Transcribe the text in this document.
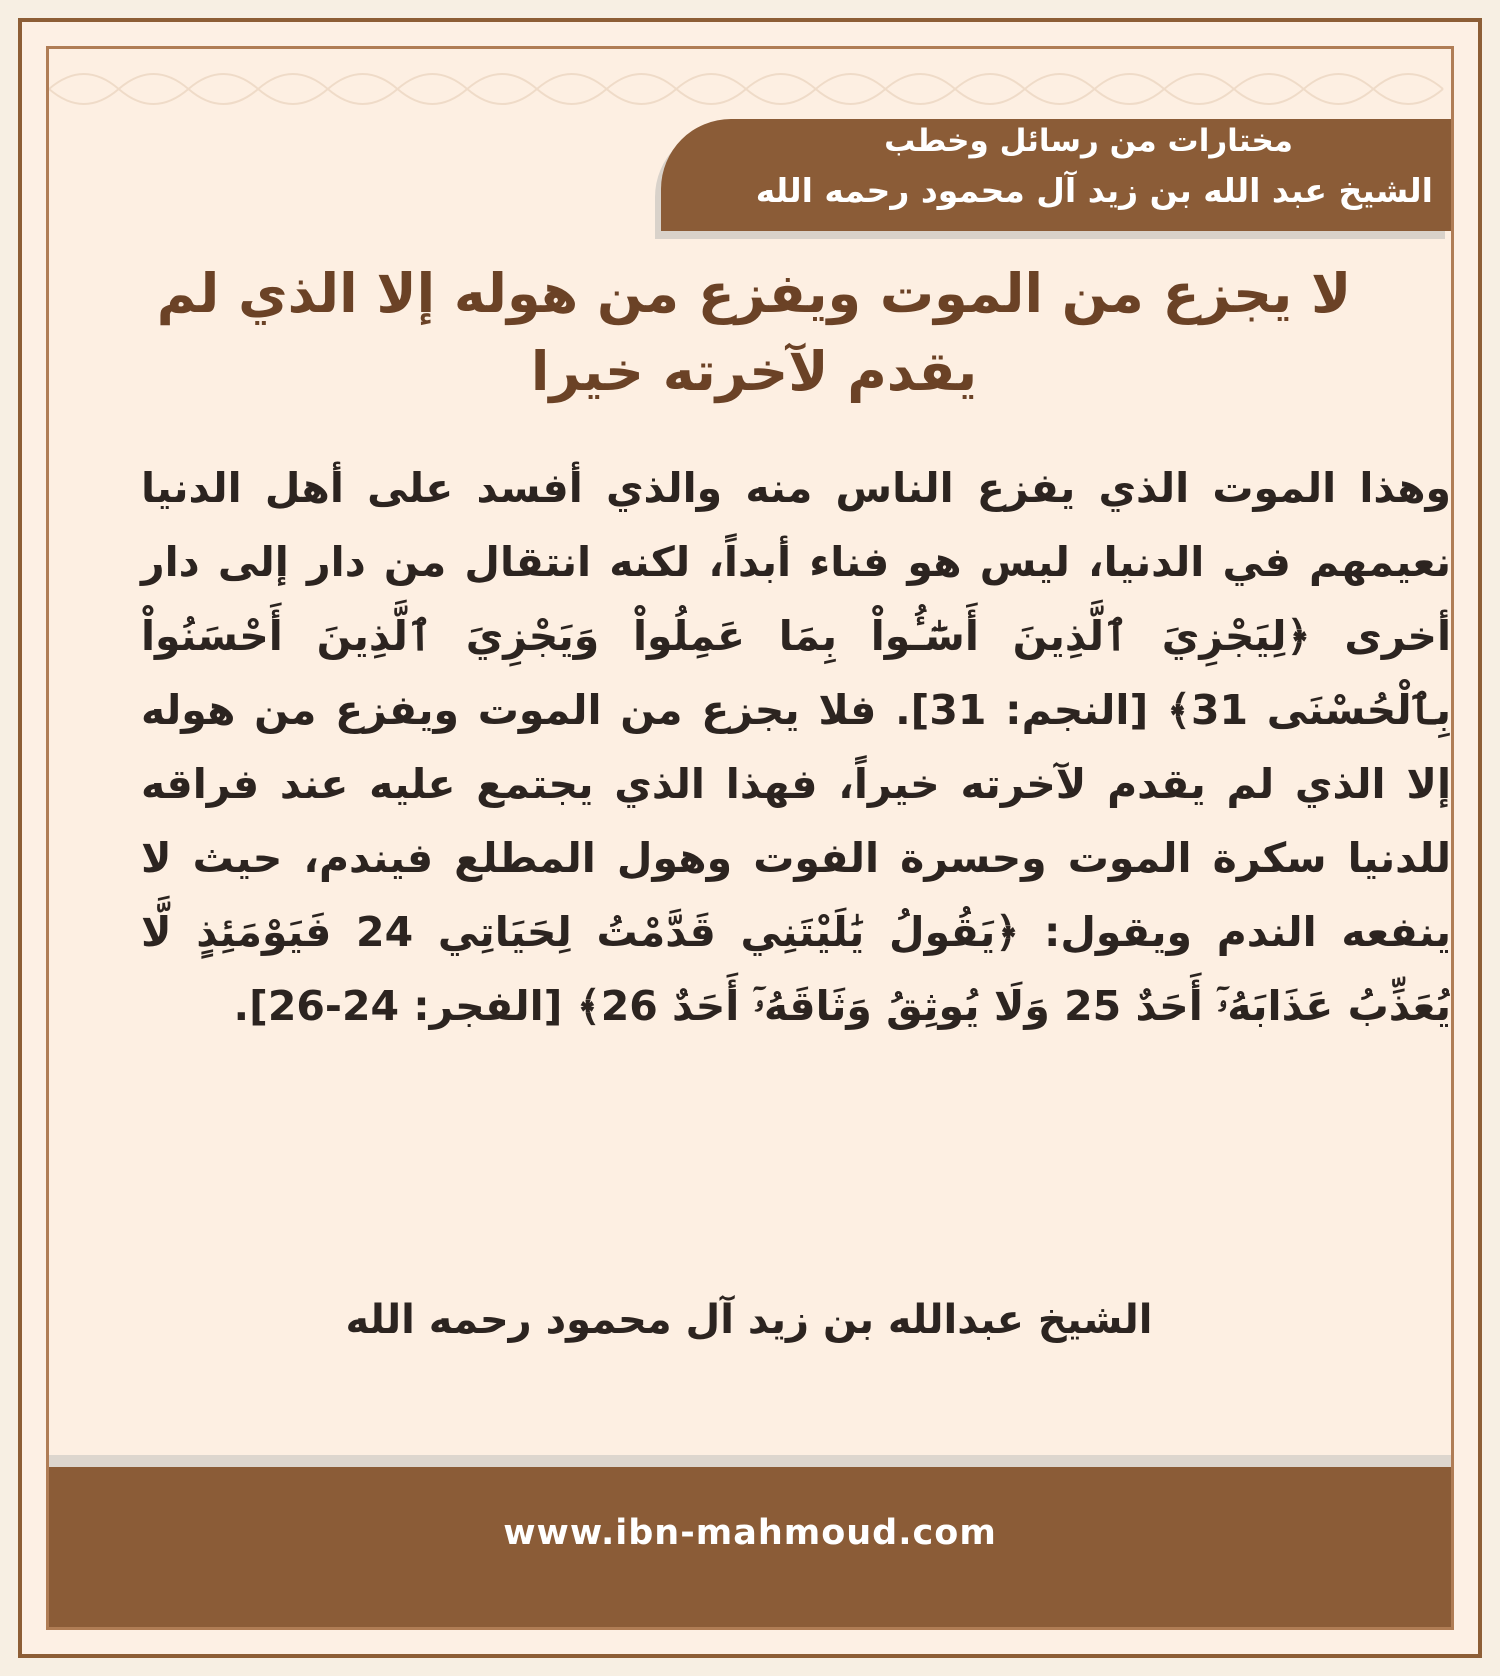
مختارات من رسائل وخطب
الشيخ عبد الله بن زيد آل محمود رحمه الله
لا يجزع من الموت ويفزع من هوله إلا الذي لم يقدم لآخرته خيرا
وهذا الموت الذي يفزع الناس منه والذي أفسد على أهل الدنيا نعيمهم في الدنيا، ليس هو فناء أبداً، لكنه انتقال من دار إلى دار أخرى ﴿لِيَجْزِيَ ٱلَّذِينَ أَسَٰٓـُٔواْ بِمَا عَمِلُواْ وَيَجْزِيَ ٱلَّذِينَ أَحْسَنُواْ بِٱلْحُسْنَى 31﴾ [النجم: 31]. فلا يجزع من الموت ويفزع من هوله إلا الذي لم يقدم لآخرته خيراً، فهذا الذي يجتمع عليه عند فراقه للدنيا سكرة الموت وحسرة الفوت وهول المطلع فيندم، حيث لا ينفعه الندم ويقول: ﴿يَقُولُ يَٰلَيْتَنِي قَدَّمْتُ لِحَيَاتِي 24 فَيَوْمَئِذٍ لَّا يُعَذِّبُ عَذَابَهُۥٓ أَحَدٌ 25 وَلَا يُوثِقُ وَثَاقَهُۥٓ أَحَدٌ 26﴾ [الفجر: 24-26].
الشيخ عبدالله بن زيد آل محمود رحمه الله
www.ibn-mahmoud.com
